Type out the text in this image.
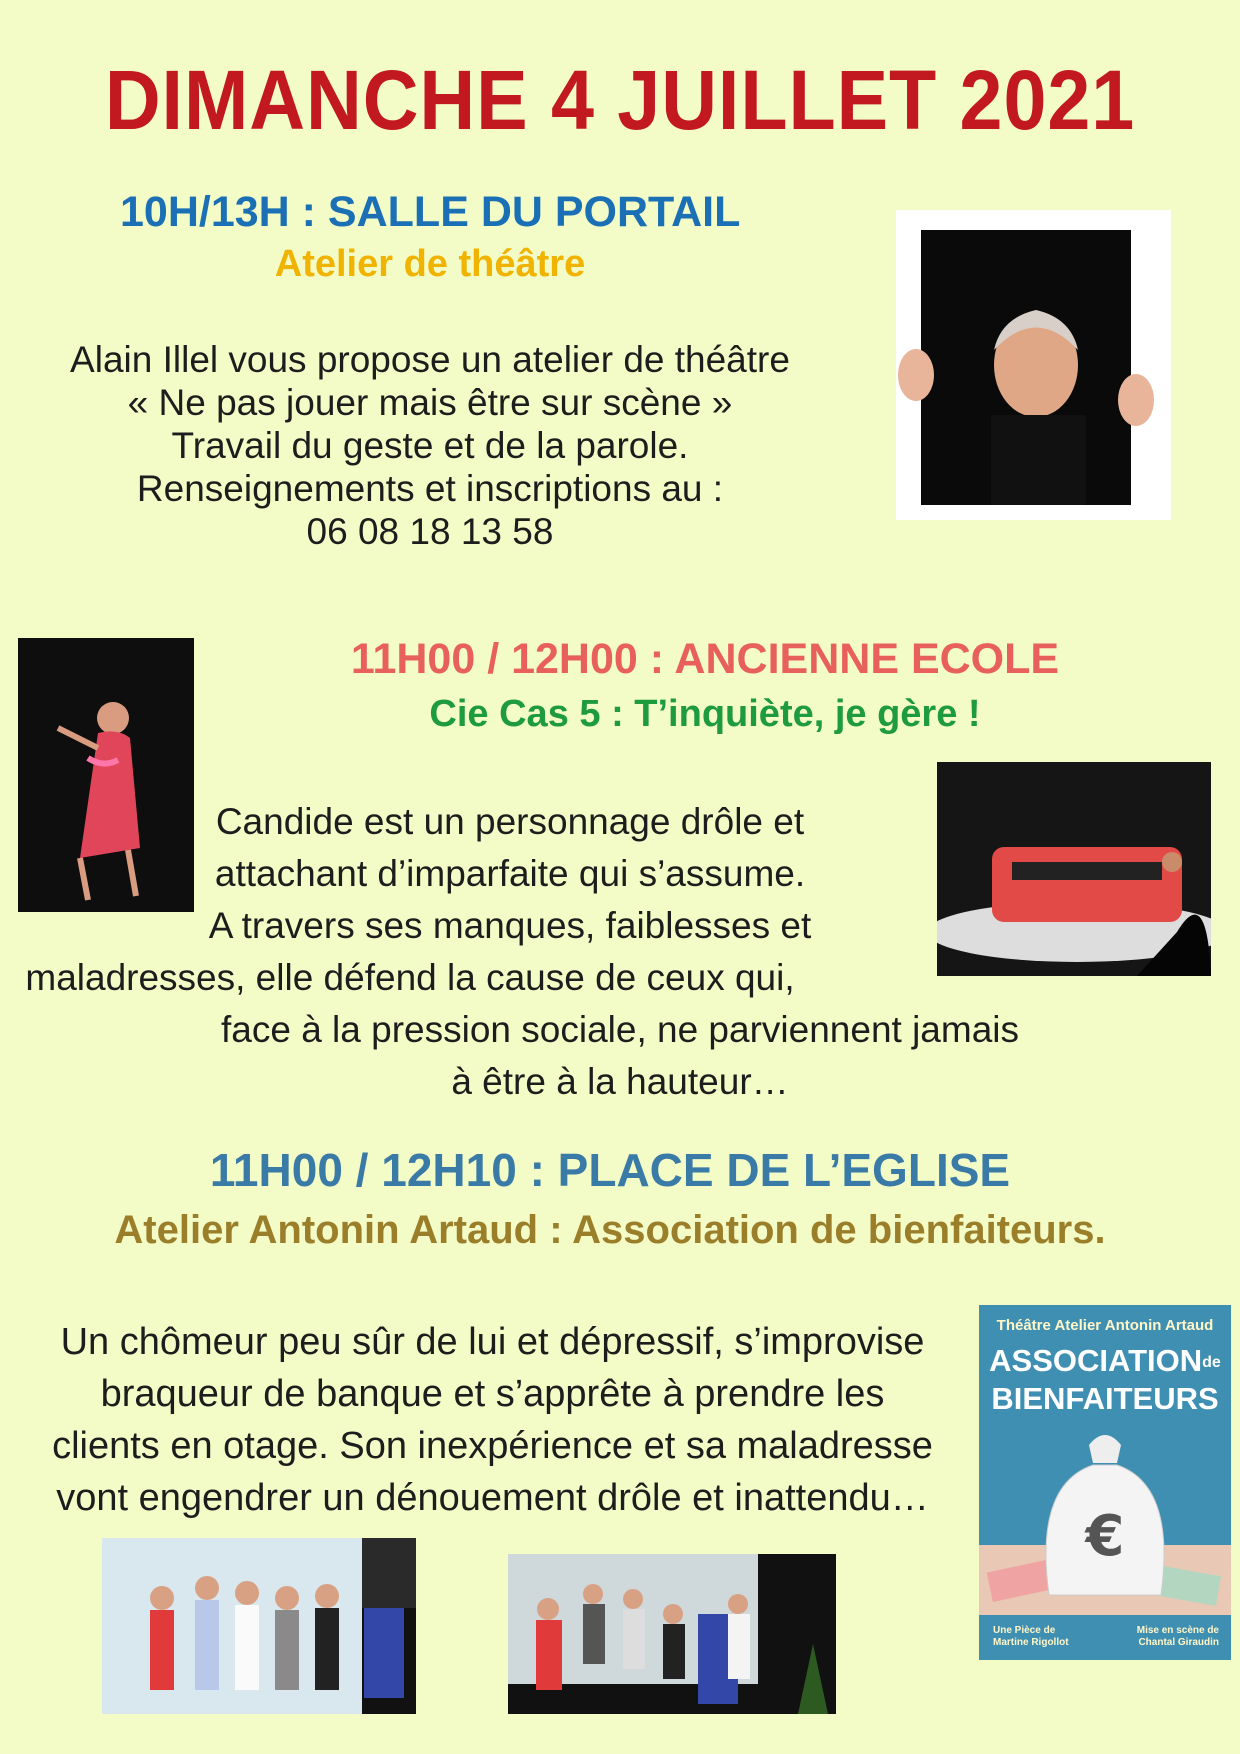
DIMANCHE 4 JUILLET 2021
10H/13H : SALLE DU PORTAIL
Atelier de théâtre
Alain Illel vous propose un atelier de théâtre
« Ne pas jouer mais être sur scène »
Travail du geste et de la parole.
Renseignements et inscriptions au :
06 08 18 13 58
11H00 / 12H00 : ANCIENNE ECOLE
Cie Cas 5 : T’inquiète, je gère !
Candide est un personnage drôle et
attachant d’imparfaite qui s’assume.
A travers ses manques, faiblesses et
maladresses, elle défend la cause de ceux qui,
face à la pression sociale, ne parviennent jamais
à être à la hauteur…
11H00 / 12H10 : PLACE DE L’EGLISE
Atelier Antonin Artaud : Association de bienfaiteurs.
Un chômeur peu sûr de lui et dépressif, s’improvise
braqueur de banque et s’apprête à prendre les
clients en otage. Son inexpérience et sa maladresse
vont engendrer un dénouement drôle et inattendu…
Théâtre Atelier Antonin Artaud
ASSOCIATIONde
BIENFAITEURS
€
Une Pièce de
Martine Rigollot
Mise en scène de
Chantal Giraudin
